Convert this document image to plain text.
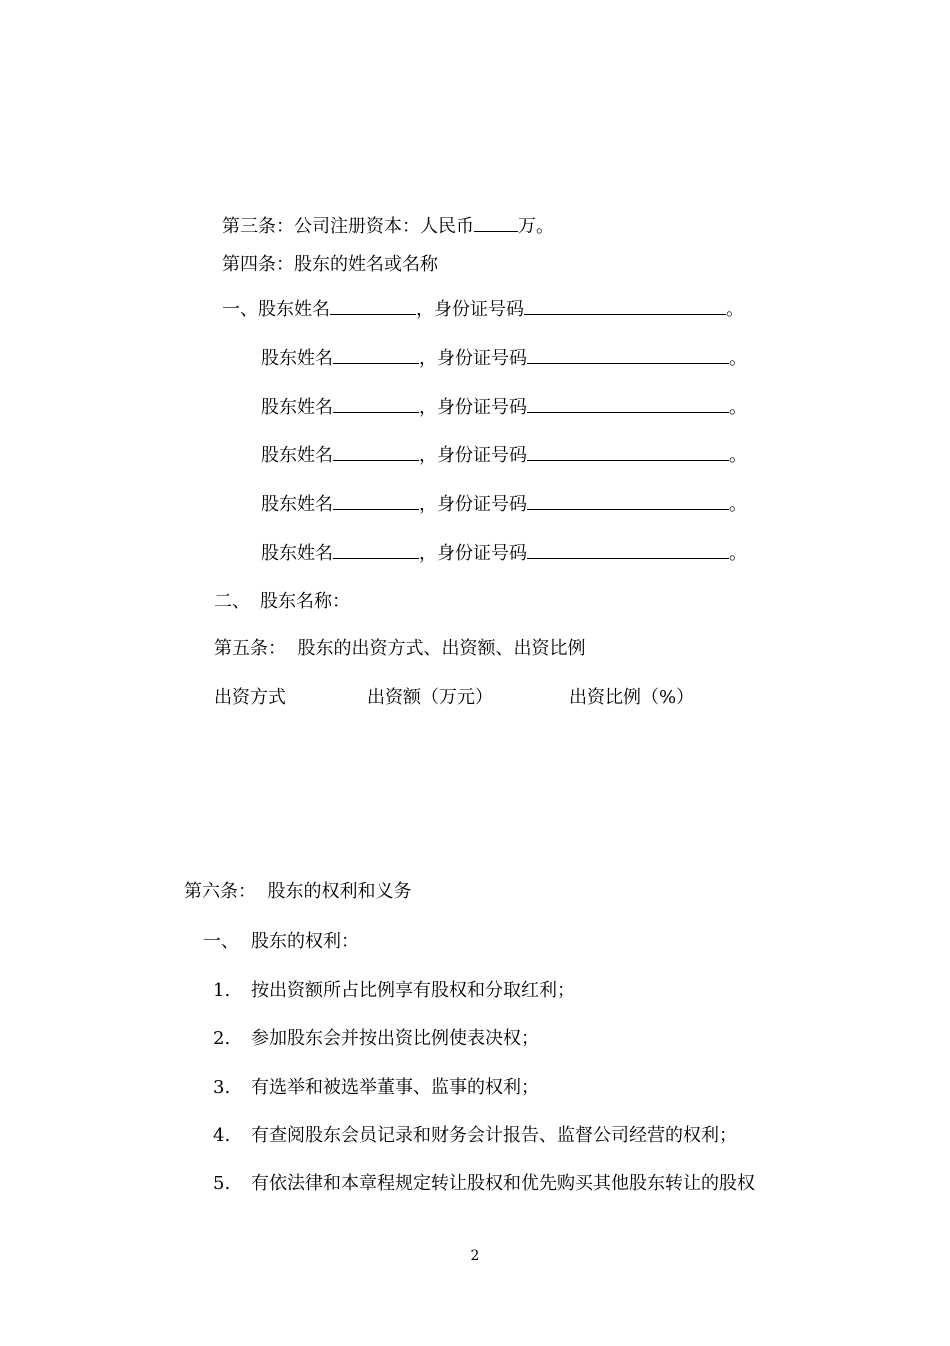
第三条：公司注册资本：人民币 万。
第四条：股东的姓名或名称
一、股东姓名	，身份证号码	。
股东姓名	，身份证号码	。
股东姓名	，身份证号码	。
股东姓名	，身份证号码	。
股东姓名	，身份证号码	。
股东姓名	，身份证号码	。
二、 股东名称：
第五条：  股东的出资方式、出资额、出资比例
出资方式	出资额（万元）	出资比例（%）
第六条：  股东的权利和义务
一、 股东的权利：
1. 按出资额所占比例享有股权和分取红利；
2. 参加股东会并按出资比例使表决权；
3. 有选举和被选举董事、监事的权利；
4. 有查阅股东会员记录和财务会计报告、监督公司经营的权利；
5. 有依法律和本章程规定转让股权和优先购买其他股东转让的股权
2
